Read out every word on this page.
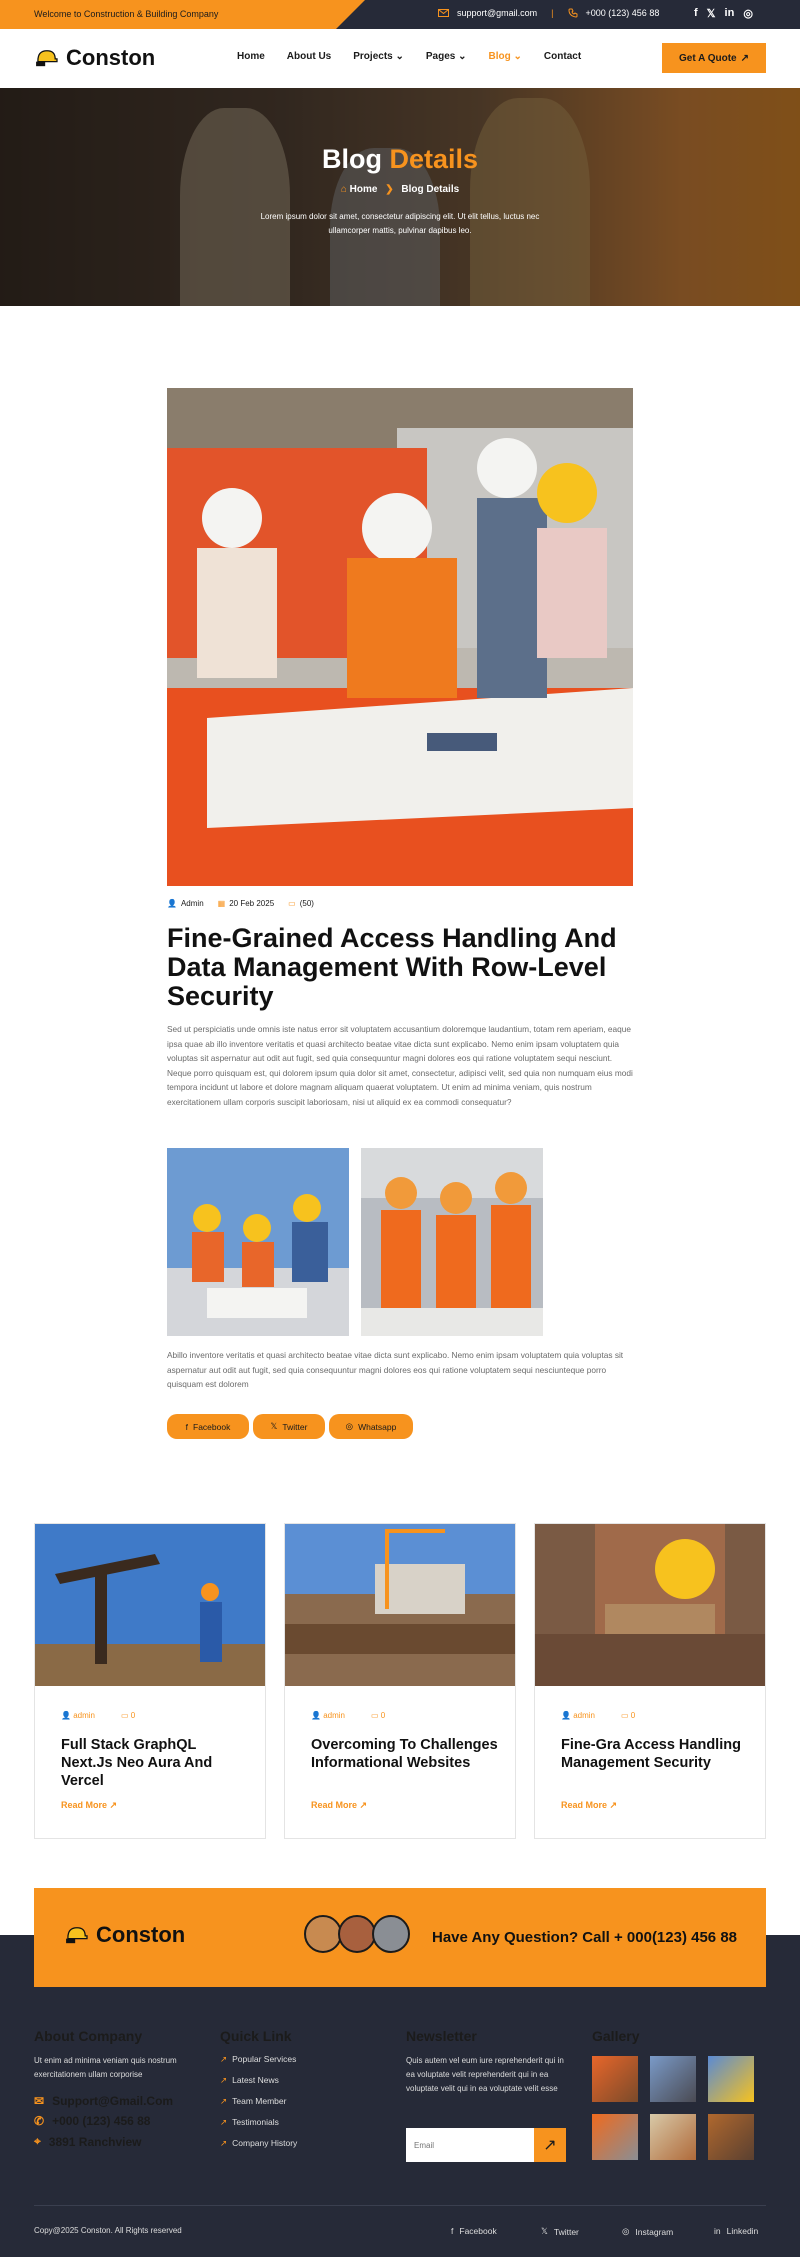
Welcome to Construction & Building Company	support@gmail.com |	+000 (123) 456 88	f 𝕏 in ◎
Conston	Home About Us Projects ⌄ Pages ⌄ Blog ⌄ Contact	Get A Quote ↗
Blog Details
⌂ Home ❯ Blog Details

Lorem ipsum dolor sit amet, consectetur adipiscing elit. Ut elit tellus, luctus nec ullamcorper mattis, pulvinar dapibus leo.

👤 Admin ▦ 20 Feb 2025 ▭ (50)
Fine-Grained Access Handling And Data Management With Row-Level Security

Sed ut perspiciatis unde omnis iste natus error sit voluptatem accusantium doloremque laudantium, totam rem aperiam, eaque ipsa quae ab illo inventore veritatis et quasi architecto beatae vitae dicta sunt explicabo. Nemo enim ipsam voluptatem quia voluptas sit aspernatur aut odit aut fugit, sed quia consequuntur magni dolores eos qui ratione voluptatem sequi nesciunt. Neque porro quisquam est, qui dolorem ipsum quia dolor sit amet, consectetur, adipisci velit, sed quia non numquam eius modi tempora incidunt ut labore et dolore magnam aliquam quaerat voluptatem. Ut enim ad minima veniam, quis nostrum exercitationem ullam corporis suscipit laboriosam, nisi ut aliquid ex ea commodi consequatur?

Abillo inventore veritatis et quasi architecto beatae vitae dicta sunt explicabo. Nemo enim ipsam voluptatem quia voluptas sit aspernatur aut odit aut fugit, sed quia consequuntur magni dolores eos qui ratione voluptatem sequi nesciunteque porro quisquam est dolorem

f Facebook	𝕏 Twitter	◎ Whatsapp
👤 admin	▭ 0
Full Stack GraphQL Next.Js Neo Aura And Vercel
Read More ↗
👤 admin	▭ 0
Overcoming To Challenges Informational Websites
Read More ↗
👤 admin	▭ 0
Fine-Gra Access Handling Management Security
Read More ↗
Conston	Have Any Question? Call + 000(123) 456 88
About Company

Ut enim ad minima veniam quis nostrum exercitationem ullam corporise

✉ Support@Gmail.Com
✆ +000 (123) 456 88
⌖ 3891 Ranchview
Quick Link
↗ Popular Services
↗ Latest News
↗ Team Member
↗ Testimonials
↗ Company History
Newsletter

Quis autem vel eum iure reprehenderit qui in ea voluptate velit reprehenderit qui in ea voluptate velit qui in ea voluptate velit esse

Email
↗
Gallery
Copy@2025 Conston. All Rights reserved	f Facebook	𝕏 Twitter	◎ Instagram	in Linkedin
